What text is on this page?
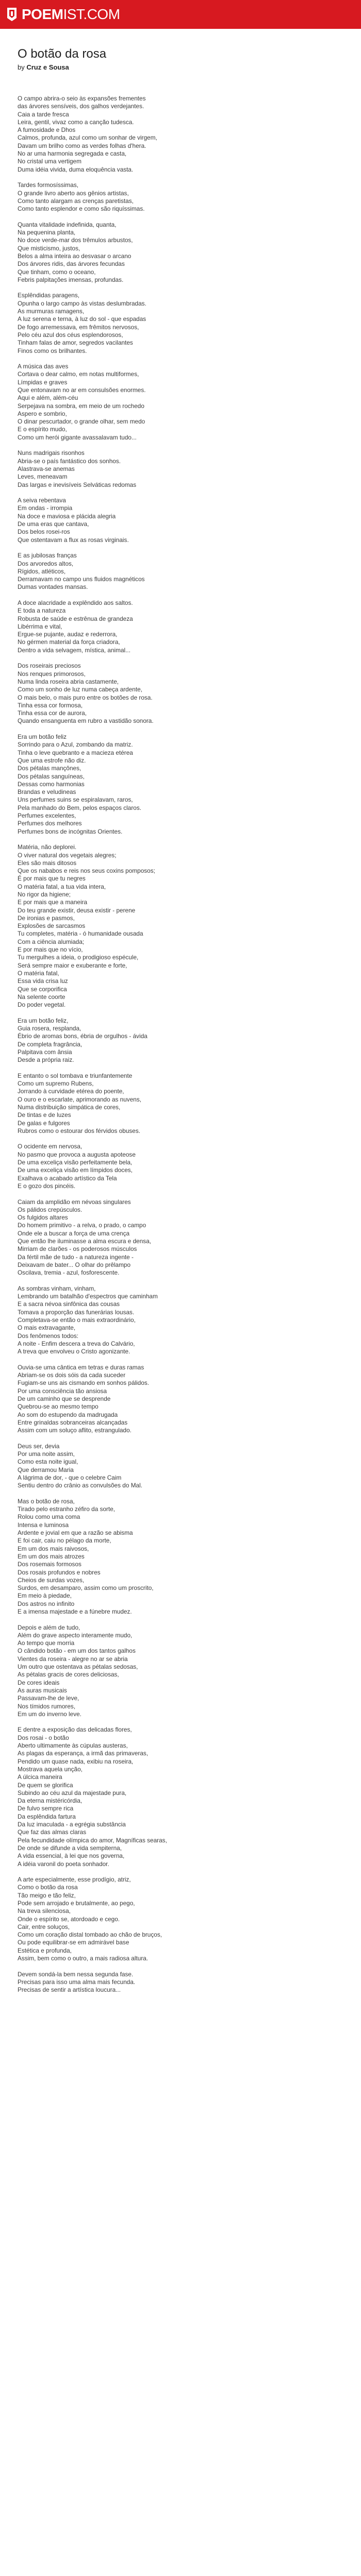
POEMIST.COM
O botão da rosa
by Cruz e Sousa
O campo abrira-o seio às expansões frementes
das árvores sensíveis, dos galhos verdejantes.
Caia a tarde fresca
Leira, gentil, vivaz como a canção tudesca.
A fumosidade e Dhos
Calmos, profunda, azul como um sonhar de virgem,
Davam um brilho como as verdes folhas d'hera.
No ar uma harmonia segregada e casta,
No cristal uma vertigem
Duma idéia vivida, duma eloquência vasta.
Tardes formosíssimas,
O grande livro aberto aos gênios artistas,
Como tanto alargam as crenças paretistas,
Como tanto esplendor e como são riquíssimas.
Quanta vitalidade indefinida, quanta,
Na pequenina planta,
No doce verde-mar dos trêmulos arbustos,
Que misticismo, justos,
Belos a alma inteira ao desvasar o arcano
Dos árvores ridis, das árvores fecundas
Que tinham, como o oceano,
Febris palpitações imensas, profundas.
Esplêndidas paragens,
Opunha o largo campo às vistas deslumbradas.
As murmuras ramagens,
A luz serena e terna, à luz do sol - que espadas
De fogo arremessava, em frêmitos nervosos,
Pelo céu azul dos céus esplendorosos,
Tinham falas de amor, segredos vacilantes
Finos como os brilhantes.
A música das aves
Cortava o dear calmo, em notas multiformes,
Límpidas e graves
Que entonavam no ar em consulsões enormes.
Aqui e além, além-céu
Serpejava na sombra, em meio de um rochedo
Aspero e sombrio,
O dinar pescurtador, o grande olhar, sem medo
E o espírito mudo,
Como um herói gigante avassalavam tudo...
Nuns madrigais risonhos
Abria-se o país fantástico dos sonhos.
Alastrava-se anemas
Leves, meneavam
Das largas e inevisíveis Selváticas redomas
A seiva rebentava
Em ondas - irrompia
Na doce e maviosa e plácida alegria
De uma eras que cantava,
Dos belos rosei-ros
Que ostentavam a flux as rosas virginais.
E as jubilosas franças
Dos arvoredos altos,
Rígidos, atléticos,
Derramavam no campo uns fluidos magnéticos
Dumas vontades mansas.
A doce alacridade a explêndido aos saltos.
E toda a natureza
Robusta de saúde e estrênua de grandeza
Libérrima e vital,
Ergue-se pujante, audaz e rederrora,
No gérmen material da força criadora,
Dentro a vida selvagem, mística, animal...
Dos roseirais preciosos
Nos renques primorosos,
Numa linda roseira abria castamente,
Como um sonho de luz numa cabeça ardente,
O mais belo, o mais puro entre os botões de rosa.
Tinha essa cor formosa,
Tinha essa cor de aurora,
Quando ensanguenta em rubro a vastidão sonora.
Era um botão feliz
Sorrindo para o Azul, zombando da matriz.
Tinha o leve quebranto e a macieza etérea
Que uma estrofe não diz.
Dos pétalas mançônes,
Dos pétalas sanguíneas,
Dessas como harmonias
Brandas e veludineas
Uns perfumes suins se espiralavam, raros,
Pela manhado do Bem, pelos espaços claros.
Perfumes excelentes,
Perfumes dos melhores
Perfumes bons de incógnitas Orientes.
Matéria, não deplorei.
O viver natural dos vegetais alegres;
Eles são mais ditosos
Que os nababos e reis nos seus coxins pomposos;
É por mais que tu negres
O matéria fatal, a tua vida intera,
No rigor da higiene;
E por mais que a maneira
Do teu grande existir, deusa existir - perene
De ironias e pasmos,
Explosões de sarcasmos
Tu completes, matéria - ó humanidade ousada
Com a ciência alumiada;
E por mais que no vício,
Tu mergulhes a ideia, o prodigioso espécule,
Será sempre maior e exuberante e forte,
O matéria fatal,
Essa vida crisa luz
Que se corporifica
Na selente coorte
Do poder vegetal.
Era um botão feliz,
Guia rosera, resplanda,
Ébrio de aromas bons, ébria de orgulhos - ávida
De completa fragrância,
Palpitava com ânsia
Desde a própria raiz.
E entanto o sol tombava e triunfantemente
Como um supremo Rubens,
Jorrando à curvidade etérea do poente,
O ouro e o escarlate, aprimorando as nuvens,
Numa distribuição simpática de cores,
De tintas e de luzes
De galas e fulgores
Rubros como o estourar dos férvidos obuses.
O ocidente em nervosa,
No pasmo que provoca a augusta apoteose
De uma exceliça visão perfeitamente bela,
De uma exceliça visão em límpidos doces,
Exalhava o acabado artístico da Tela
E o gozo dos pincéis.
Caiam da amplidão em névoas singulares
Os pálidos crepúsculos.
Os fulgidos altares
Do homem primitivo - a relva, o prado, o campo
Onde ele a buscar a força de uma crença
Que então lhe iluminasse a alma escura e densa,
Mirriam de clarões - os poderosos músculos
Da fértil mãe de tudo - a natureza ingente -
Deixavam de bater... O olhar do prêlampo
Oscilava, tremia - azul, fosforescente.
As sombras vinham, vinham,
Lembrando um batalhão d'espectros que caminham
E a sacra névoa sinfônica das cousas
Tomava a proporção das funerárias lousas.
Completava-se então o mais extraordinário,
O mais extravagante,
Dos fenômenos todos:
A noite - Enfim descera a treva do Calvário,
A treva que envolveu o Cristo agonizante.
Ouvia-se uma cântica em tetras e duras ramas
Abriam-se os dois sóis da cada suceder
Fugiam-se uns ais cismando em sonhos pálidos.
Por uma consciência tão ansiosa
De um caminho que se desprende
Quebrou-se ao mesmo tempo
Ao som do estupendo da madrugada
Entre grinaldas sobranceiras alcançadas
Assim com um soluço aflito, estrangulado.
Deus ser, devia
Por uma noite assim,
Como esta noite igual,
Que derramou Maria
A lágrima de dor, - que o celebre Caim
Sentiu dentro do crânio as convulsões do Mal.
Mas o botão de rosa,
Tirado pelo estranho zéfiro da sorte,
Rolou como uma coma
Intensa e luminosa
Ardente e jovial em que a razão se abisma
E foi cair, caiu no pélago da morte,
Em um dos mais raivosos,
Em um dos mais atrozes
Dos rosemais formosos
Dos rosais profundos e nobres
Cheios de surdas vozes,
Surdos, em desamparo, assim como um proscrito,
Em meio à piedade,
Dos astros no infinito
E a imensa majestade e a fúnebre mudez.
Depois e além de tudo,
Além do grave aspecto interamente mudo,
Ao tempo que morria
O cândido botão - em um dos tantos galhos
Vientes da roseira - alegre no ar se abria
Um outro que ostentava as pétalas sedosas,
As pétalas gracis de cores deliciosas,
De cores ideais
As auras musicais
Passavam-lhe de leve,
Nos tímidos rumores,
Em um do inverno leve.
E dentre a exposição das delicadas flores,
Dos rosai - o botão
Aberto ultimamente às cúpulas austeras,
As plagas da esperança, a irmã das primaveras,
Pendido um quase nada, exibiu na roseira,
Mostrava aquela unção,
A úlcica maneira
De quem se glorifica
Subindo ao céu azul da majestade pura,
Da eterna mistéricórdia,
De fulvo sempre rica
Da esplêndida fartura
Da luz imaculada - a egrégia substância
Que faz das almas claras
Pela fecundidade olímpica do amor, Magníficas searas,
De onde se difunde a vida sempiterna,
A vida essencial, à lei que nos governa,
A idéia varonil do poeta sonhador.
A arte especialmente, esse prodígio, atriz,
Como o botão da rosa
Tão meigo e tão feliz,
Pode sem arrojado e brutalmente, ao pego,
Na treva silenciosa,
Onde o espírito se, atordoado e cego.
Cair, entre soluços,
Como um coração distal tombado ao chão de bruços,
Ou pode equilibrar-se em admirável base
Estética e profunda,
Assim, bem como o outro, a mais radiosa altura.
Devem sondá-la bem nessa segunda fase.
Precisas para isso uma alma mais fecunda.
Precisas de sentir a artística loucura...
